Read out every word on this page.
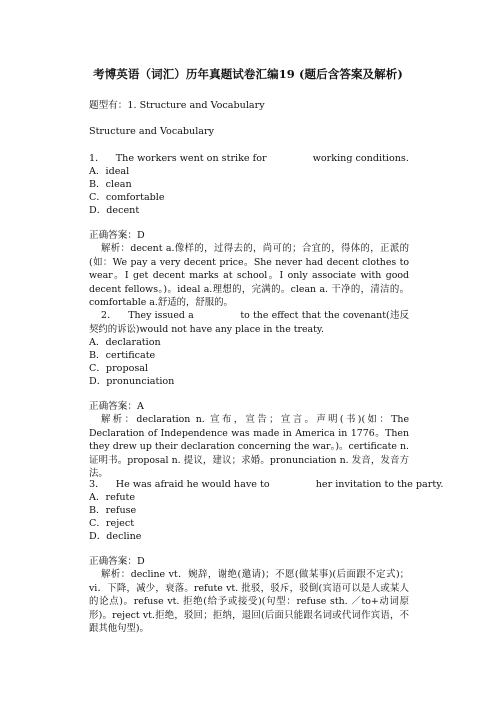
考博英语（词汇）历年真题试卷汇编19 (题后含答案及解析)
题型有：1. Structure and Vocabulary
Structure and Vocabulary
1． The workers went on strike for	working conditions.
A．ideal
B．clean
C．comfortable
D．decent
正确答案：D
解析：decent a.像样的，过得去的，尚可的；合宜的，得体的，正派的(如：We pay a very decent price。She never had decent clothes to wear。I get decent marks at school。I only associate with good decent fellows。)。ideal a.理想的，完满的。clean a. 干净的，清洁的。comfortable a.舒适的，舒服的。
2． They issued a	to the effect that the covenant(违反契约的诉讼)would not have any place in the treaty.
A．declaration
B．certificate
C．proposal
D．pronunciation
正确答案：A
解析：declaration n. 宣布，宣告；宣言。声明(书)(如：The Declaration of Independence was made in America in 1776。Then they drew up their declaration concerning the war。)。certificate n.证明书。proposal n. 提议，建议；求婚。pronunciation n. 发音，发音方法。
3． He was afraid he would have to	her invitation to the party.
A．refute
B．refuse
C．reject
D．decline
正确答案：D
解析：decline vt．婉辞，谢绝(邀请)；不愿(做某事)(后面跟不定式)；vi．下降，减少，衰落。refute vt. 批驳，驳斥，驳倒(宾语可以是人或某人的论点)。refuse vt. 拒绝(给予或接受)(句型：refuse sth. ／to+动词原形)。reject vt.拒绝，驳回；拒纳，退回(后面只能跟名词或代词作宾语，不跟其他句型)。
